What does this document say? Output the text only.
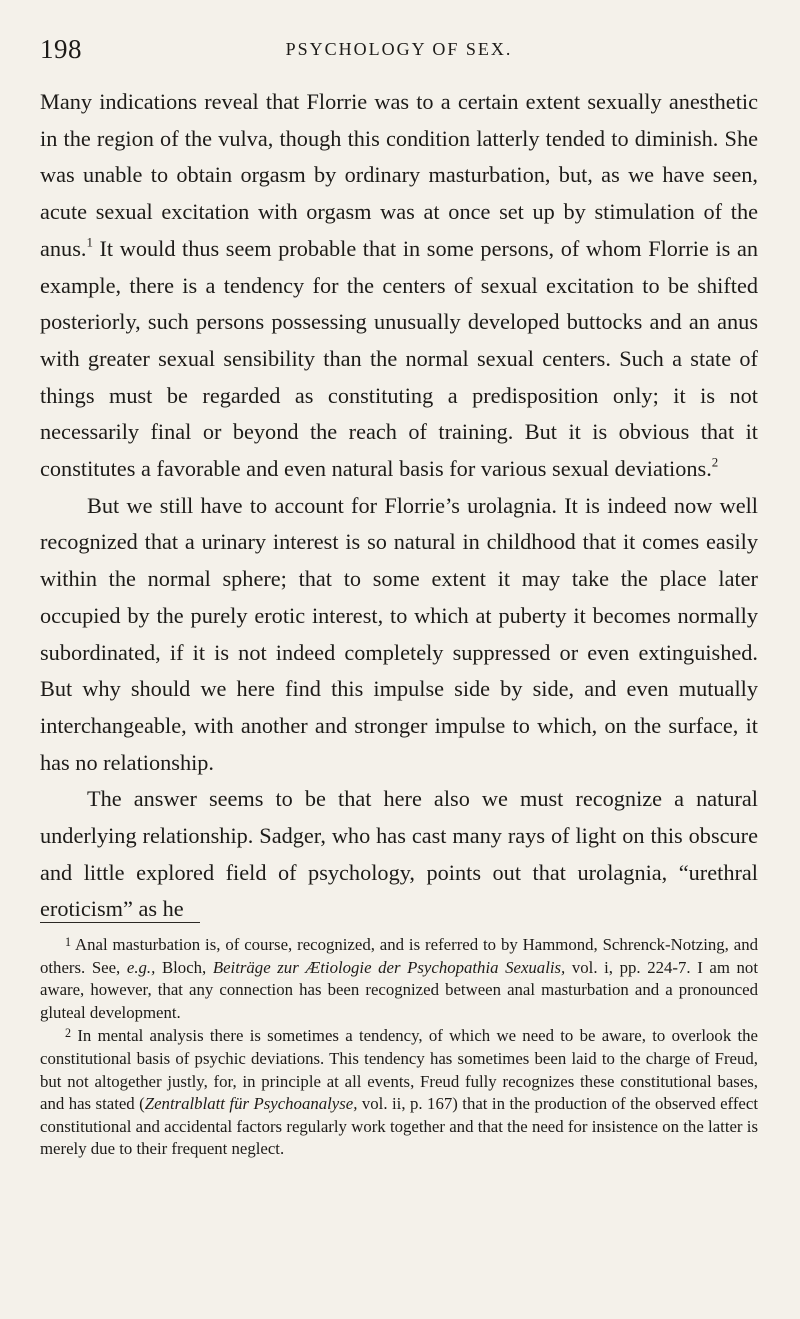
198	PSYCHOLOGY OF SEX.

Many indications reveal that Florrie was to a certain extent sexually anesthetic in the region of the vulva, though this condition latterly tended to diminish. She was unable to obtain orgasm by ordinary masturbation, but, as we have seen, acute sexual excitation with orgasm was at once set up by stimulation of the anus.$^1$ It would thus seem probable that in some persons, of whom Florrie is an example, there is a tendency for the centers of sexual excitation to be shifted posteriorly, such persons possessing unusually developed buttocks and an anus with greater sexual sensibility than the normal sexual centers. Such a state of things must be regarded as constituting a predisposition only; it is not necessarily final or beyond the reach of training. But it is obvious that it constitutes a favorable and even natural basis for various sexual deviations.$^2$

But we still have to account for Florrie’s urolagnia. It is indeed now well recognized that a urinary interest is so natural in childhood that it comes easily within the normal sphere; that to some extent it may take the place later occupied by the purely erotic interest, to which at puberty it becomes normally subordinated, if it is not indeed completely suppressed or even extinguished. But why should we here find this impulse side by side, and even mutually interchangeable, with another and stronger impulse to which, on the surface, it has no relationship.

The answer seems to be that here also we must recognize a natural underlying relationship. Sadger, who has cast many rays of light on this obscure and little explored field of psychology, points out that urolagnia, “urethral eroticism” as he

$^1$ Anal masturbation is, of course, recognized, and is referred to by Hammond, Schrenck-Notzing, and others. See, e.g., Bloch, Beiträge zur Ætiologie der Psychopathia Sexualis, vol. i, pp. 224-7. I am not aware, however, that any connection has been recognized between anal masturbation and a pronounced gluteal development.

$^2$ In mental analysis there is sometimes a tendency, of which we need to be aware, to overlook the constitutional basis of psychic deviations. This tendency has sometimes been laid to the charge of Freud, but not altogether justly, for, in principle at all events, Freud fully recognizes these constitutional bases, and has stated (Zentralblatt für Psychoanalyse, vol. ii, p. 167) that in the production of the observed effect constitutional and accidental factors regularly work together and that the need for insistence on the latter is merely due to their frequent neglect.
